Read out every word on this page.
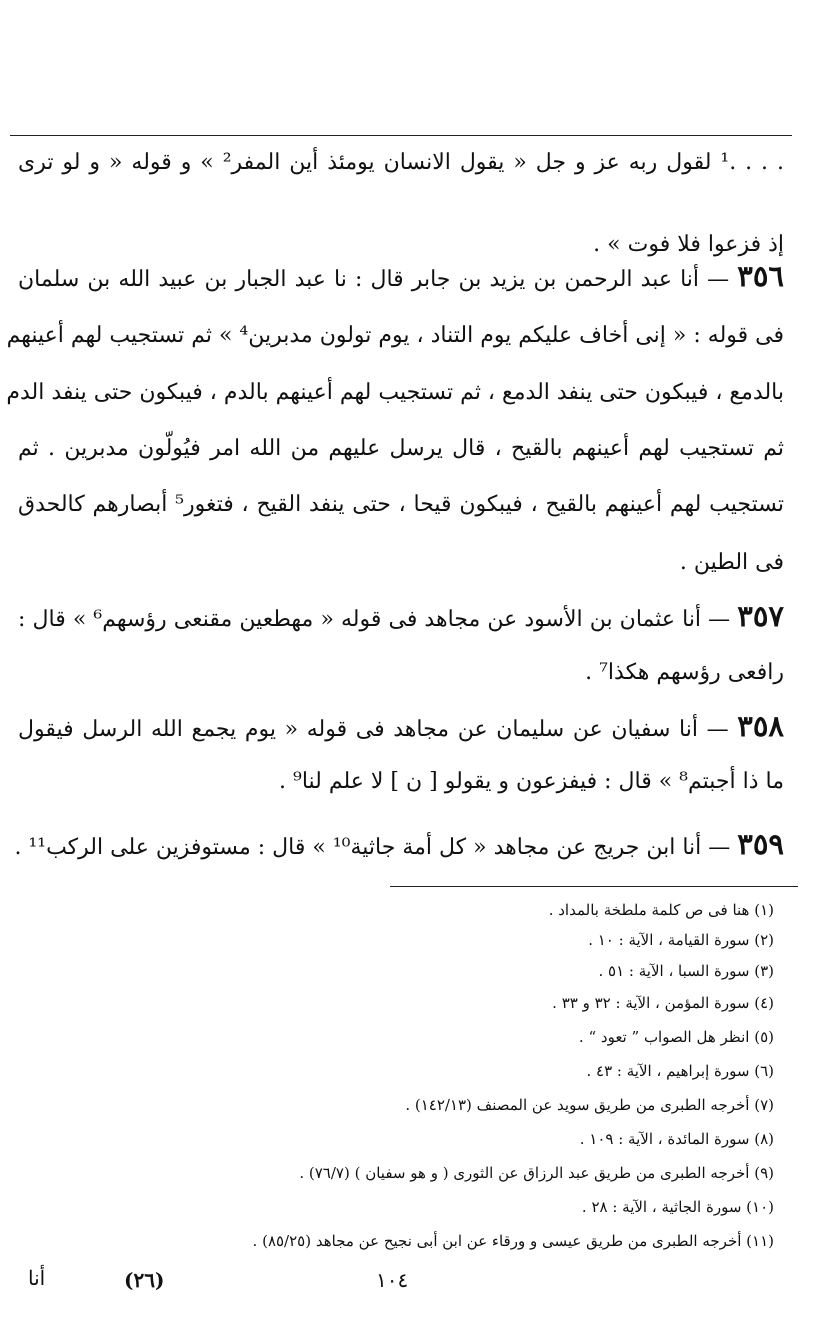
. . . .¹ لقول ربه عز و جل « يقول الانسان يومئذ أين المفر² » و قوله « و لو ترى
إذ فزعوا فلا فوت » .
٣٥٦ — أنا عبد الرحمن بن يزيد بن جابر قال : نا عبد الجبار بن عبيد الله بن سلمان
فى قوله : « إنى أخاف عليكم يوم التناد ، يوم تولون مدبرين⁴ » ثم تستجيب لهم أعينهم
بالدمع ، فيبكون حتى ينفد الدمع ، ثم تستجيب لهم أعينهم بالدم ، فيبكون حتى ينفد الدم
ثم تستجيب لهم أعينهم بالقيح ، قال يرسل عليهم من الله امر فيُولّون مدبرين . ثم
تستجيب لهم أعينهم بالقيح ، فيبكون قيحا ، حتى ينفد القيح ، فتغور⁵ أبصارهم كالحدق
فى الطين .
٣٥٧ — أنا عثمان بن الأسود عن مجاهد فى قوله « مهطعين مقنعى رؤسهم⁶ » قال :
رافعى رؤسهم هكذا⁷ .
٣٥٨ — أنا سفيان عن سليمان عن مجاهد فى قوله « يوم يجمع الله الرسل فيقول
ما ذا أجبتم⁸ » قال : فيفزعون و يقولو [ ن ] لا علم لنا⁹ .
٣٥٩ — أنا ابن جريج عن مجاهد « كل أمة جاثية¹⁰ » قال : مستوفزين على الركب¹¹ .
(١) هنا فى ص كلمة ملطخة بالمداد .
(٢) سورة القيامة ، الآية : ١٠ .
(٣) سورة السبا ، الآية : ٥١ .
(٤) سورة المؤمن ، الآية : ٣٢ و ٣٣ .
(٥) انظر هل الصواب ” تعود “ .
(٦) سورة إبراهيم ، الآية : ٤٣ .
(٧) أخرجه الطبرى من طريق سويد عن المصنف (١٤٢/١٣) .
(٨) سورة المائدة ، الآية : ١٠٩ .
(٩) أخرجه الطبرى من طريق عبد الرزاق عن الثورى ( و هو سفيان ) (٧٦/٧) .
(١٠) سورة الجاثية ، الآية : ٢٨ .
(١١) أخرجه الطبرى من طريق عيسى و ورقاء عن ابن أبى نجيح عن مجاهد (٨٥/٢٥) .
أنا	(٢٦)	١٠٤
